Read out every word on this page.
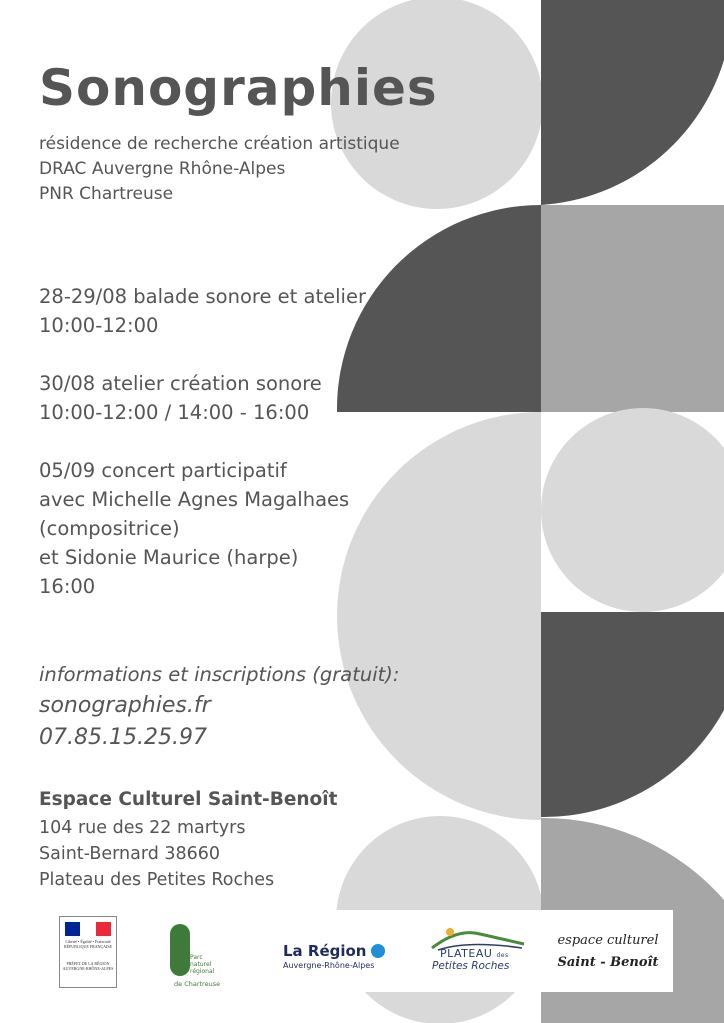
Sonographies
résidence de recherche création artistique
DRAC Auvergne Rhône-Alpes
PNR Chartreuse
28-29/08 balade sonore et atelier
10:00-12:00
30/08 atelier création sonore
10:00-12:00 / 14:00 - 16:00
05/09 concert participatif
avec Michelle Agnes Magalhaes
(compositrice)
et Sidonie Maurice (harpe)
16:00
informations et inscriptions (gratuit):
sonographies.fr
07.85.15.25.97
Espace Culturel Saint-Benoît
104 rue des 22 martyrs
Saint-Bernard 38660
Plateau des Petites Roches
Liberté • Égalité • Fraternité RÉPUBLIQUE FRANÇAISE
PRÉFET DE LA RÉGION AUVERGNE-RHÔNE-ALPES
Parc
naturel
régional
de Chartreuse
La Région
Auvergne-Rhône-Alpes
PLATEAU des
Petites Roches
espace culturel
Saint - Benoît
